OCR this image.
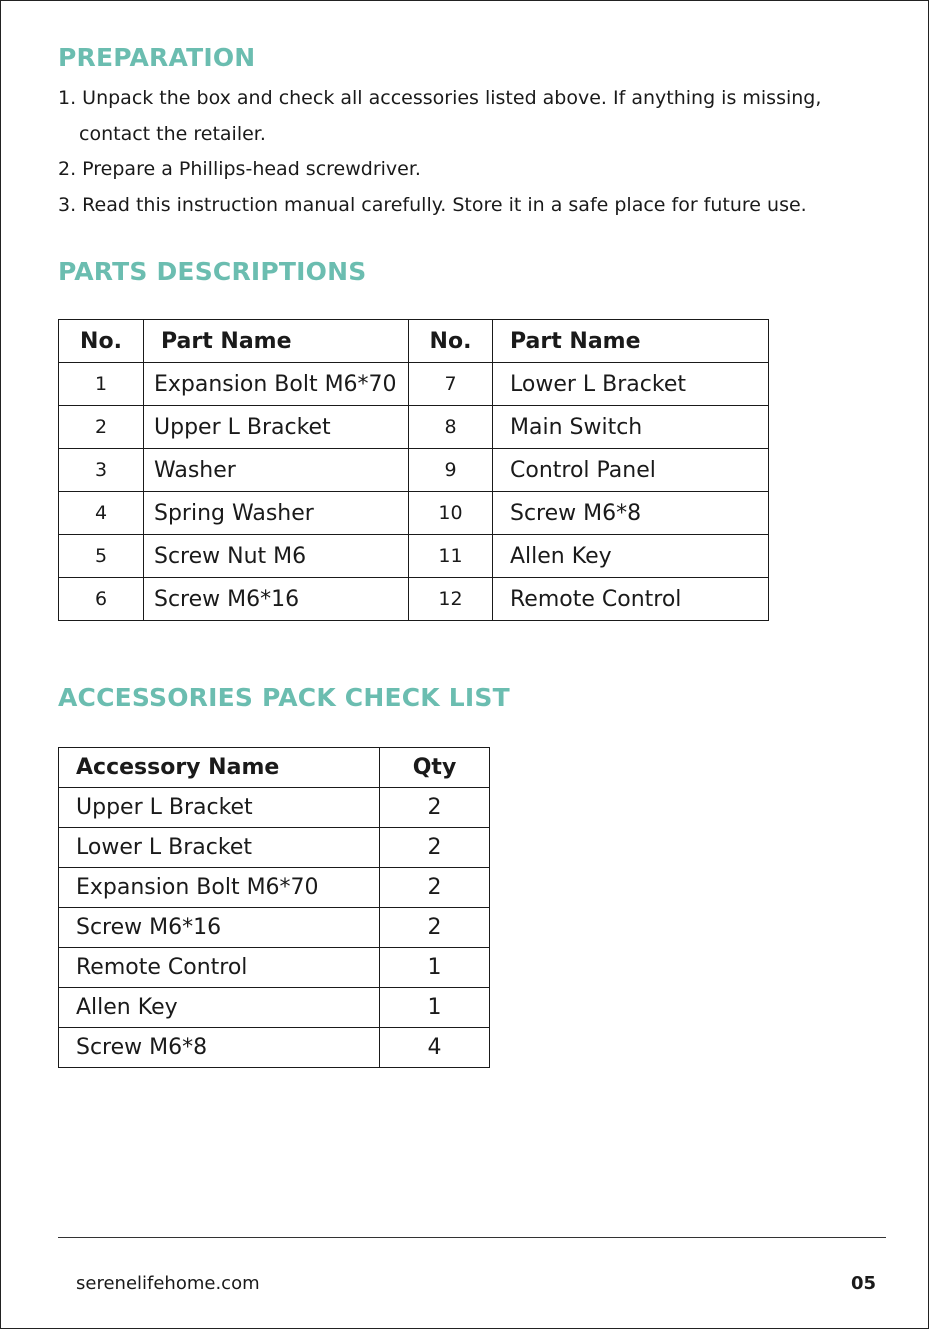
PREPARATION

1. Unpack the box and check all accessories listed above. If anything is missing,

contact the retailer.

2. Prepare a Phillips-head screwdriver.

3. Read this instruction manual carefully. Store it in a safe place for future use.

PARTS DESCRIPTIONS
No.	Part Name	No.	Part Name
1	Expansion Bolt M6*70	7	Lower L Bracket
2	Upper L Bracket	8	Main Switch
3	Washer	9	Control Panel
4	Spring Washer	10	Screw M6*8
5	Screw Nut M6	11	Allen Key
6	Screw M6*16	12	Remote Control
ACCESSORIES PACK CHECK LIST
Accessory Name	Qty
Upper L Bracket	2
Lower L Bracket	2
Expansion Bolt M6*70	2
Screw M6*16	2
Remote Control	1
Allen Key	1
Screw M6*8	4
serenelifehome.com	05
